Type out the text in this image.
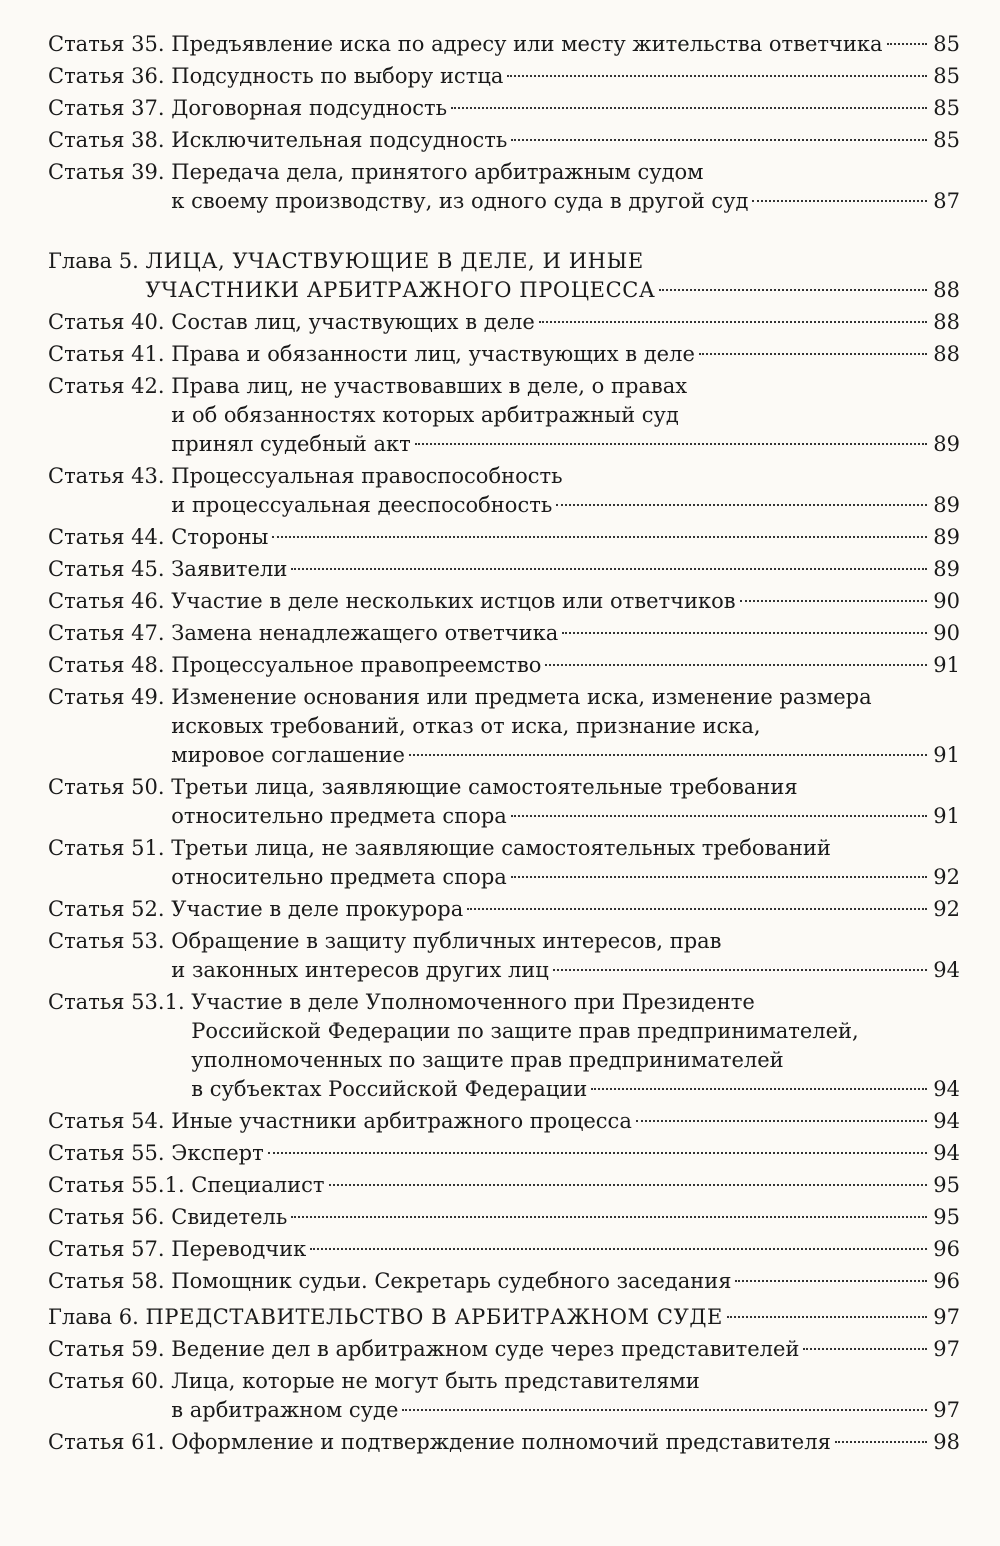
Статья 35. Предъявление иска по адресу или месту жительства ответчика 85
Статья 36. Подсудность по выбору истца	85
Статья 37. Договорная подсудность	85
Статья 38. Исключительная подсудность	85
Статья 39. Передача дела, принятого арбитражным судом
к своему производству, из одного суда в другой суд	87
Глава 5. ЛИЦА, УЧАСТВУЮЩИЕ В ДЕЛЕ, И ИНЫЕ
УЧАСТНИКИ АРБИТРАЖНОГО ПРОЦЕССА	88
Статья 40. Состав лиц, участвующих в деле	88
Статья 41. Права и обязанности лиц, участвующих в деле	88
Статья 42. Права лиц, не участвовавших в деле, о правах
и об обязанностях которых арбитражный суд
принял судебный акт	89
Статья 43. Процессуальная правоспособность
и процессуальная дееспособность	89
Статья 44. Стороны	89
Статья 45. Заявители	89
Статья 46. Участие в деле нескольких истцов или ответчиков	90
Статья 47. Замена ненадлежащего ответчика	90
Статья 48. Процессуальное правопреемство	91
Статья 49. Изменение основания или предмета иска, изменение размера
исковых требований, отказ от иска, признание иска,
мировое соглашение	91
Статья 50. Третьи лица, заявляющие самостоятельные требования
относительно предмета спора	91
Статья 51. Третьи лица, не заявляющие самостоятельных требований
относительно предмета спора	92
Статья 52. Участие в деле прокурора	92
Статья 53. Обращение в защиту публичных интересов, прав
и законных интересов других лиц	94
Статья 53.1. Участие в деле Уполномоченного при Президенте
Российской Федерации по защите прав предпринимателей,
уполномоченных по защите прав предпринимателей
в субъектах Российской Федерации	94
Статья 54. Иные участники арбитражного процесса	94
Статья 55. Эксперт	94
Статья 55.1. Специалист	95
Статья 56. Свидетель	95
Статья 57. Переводчик	96
Статья 58. Помощник судьи. Секретарь судебного заседания	96
Глава 6. ПРЕДСТАВИТЕЛЬСТВО В АРБИТРАЖНОМ СУДЕ	97
Статья 59. Ведение дел в арбитражном суде через представителей	97
Статья 60. Лица, которые не могут быть представителями
в арбитражном суде	97
Статья 61. Оформление и подтверждение полномочий представителя	98
